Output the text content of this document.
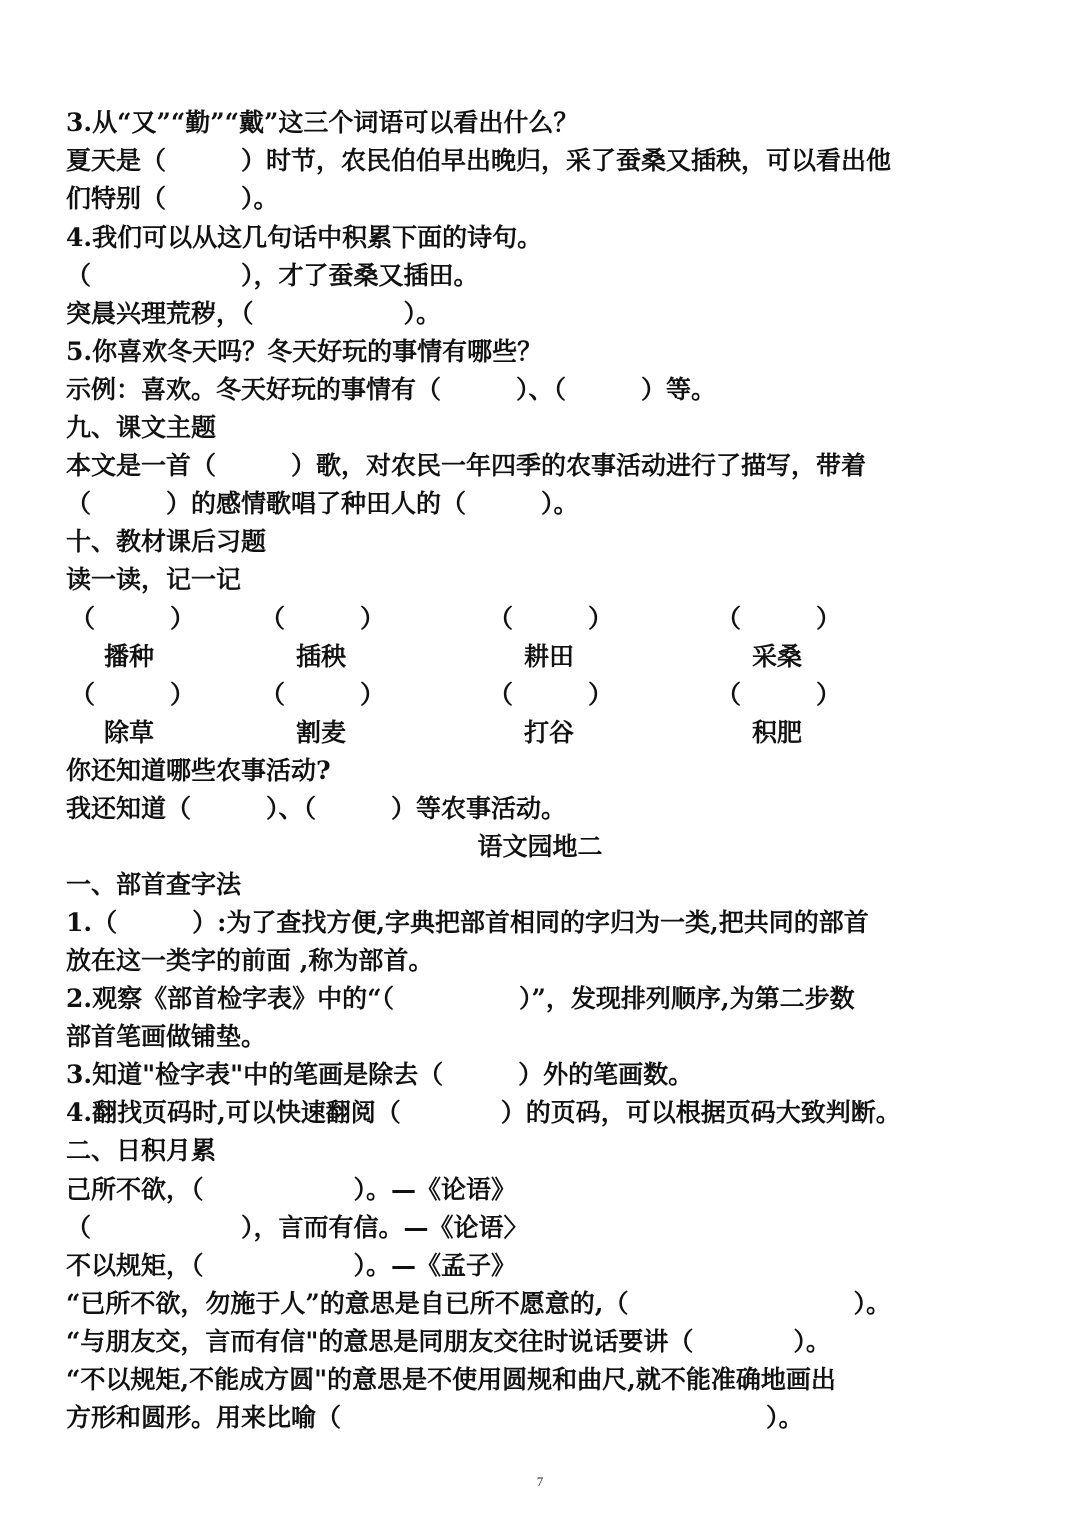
3.从“又”“勤”“戴”这三个词语可以看出什么？
夏天是（　　　）时节，农民伯伯早出晚归，采了蚕桑又插秧，可以看出他
们特别（　　　）。
4.我们可以从这几句话中积累下面的诗句。
（　　　　　　），才了蚕桑又插田。
突晨兴理荒秽，（　　　　　　）。
5.你喜欢冬天吗？冬天好玩的事情有哪些？
示例：喜欢。冬天好玩的事情有（　　　）、（　　　）等。
九、课文主题
本文是一首（　　　）歌，对农民一年四季的农事活动进行了描写，带着
（　　　）的感情歌唱了种田人的（　　　）。
十、教材课后习题
读一读，记一记
（　　　）	（　　　）	（　　　）	（　　　）
播种	插秧	耕田	采桑
（　　　）	（　　　）	（　　　）	（　　　）
除草	割麦	打谷	积肥
你还知道哪些农事活动?
我还知道（　　　）、（　　　）等农事活动。
语文园地二
一、部首查字法
1.（　　　）:为了查找方便,字典把部首相同的字归为一类,把共同的部首
放在这一类字的前面 ,称为部首。
2.观察《部首检字表》中的“（　　　　　）”，发现排列顺序,为第二步数
部首笔画做铺垫。
3.知道"检字表"中的笔画是除去（　　　）外的笔画数。
4.翻找页码时,可以快速翻阅（　　　　）的页码，可以根据页码大致判断。
二、日积月累
己所不欲，（　　　　　　）。—《论语》
（　　　　　　），言而有信。—《论语〉
不以规矩，（　　　　　　）。—《孟子》
“已所不欲，勿施于人”的意思是自已所不愿意的,（　　　　　　　　　）。
“与朋友交，言而有信"的意思是同朋友交往时说话要讲（　　　　）。
“不以规矩,不能成方圆"的意思是不使用圆规和曲尺,就不能准确地画出
方形和圆形。用来比喻（　　　　　　　　　　　　　　　　　）。
7
